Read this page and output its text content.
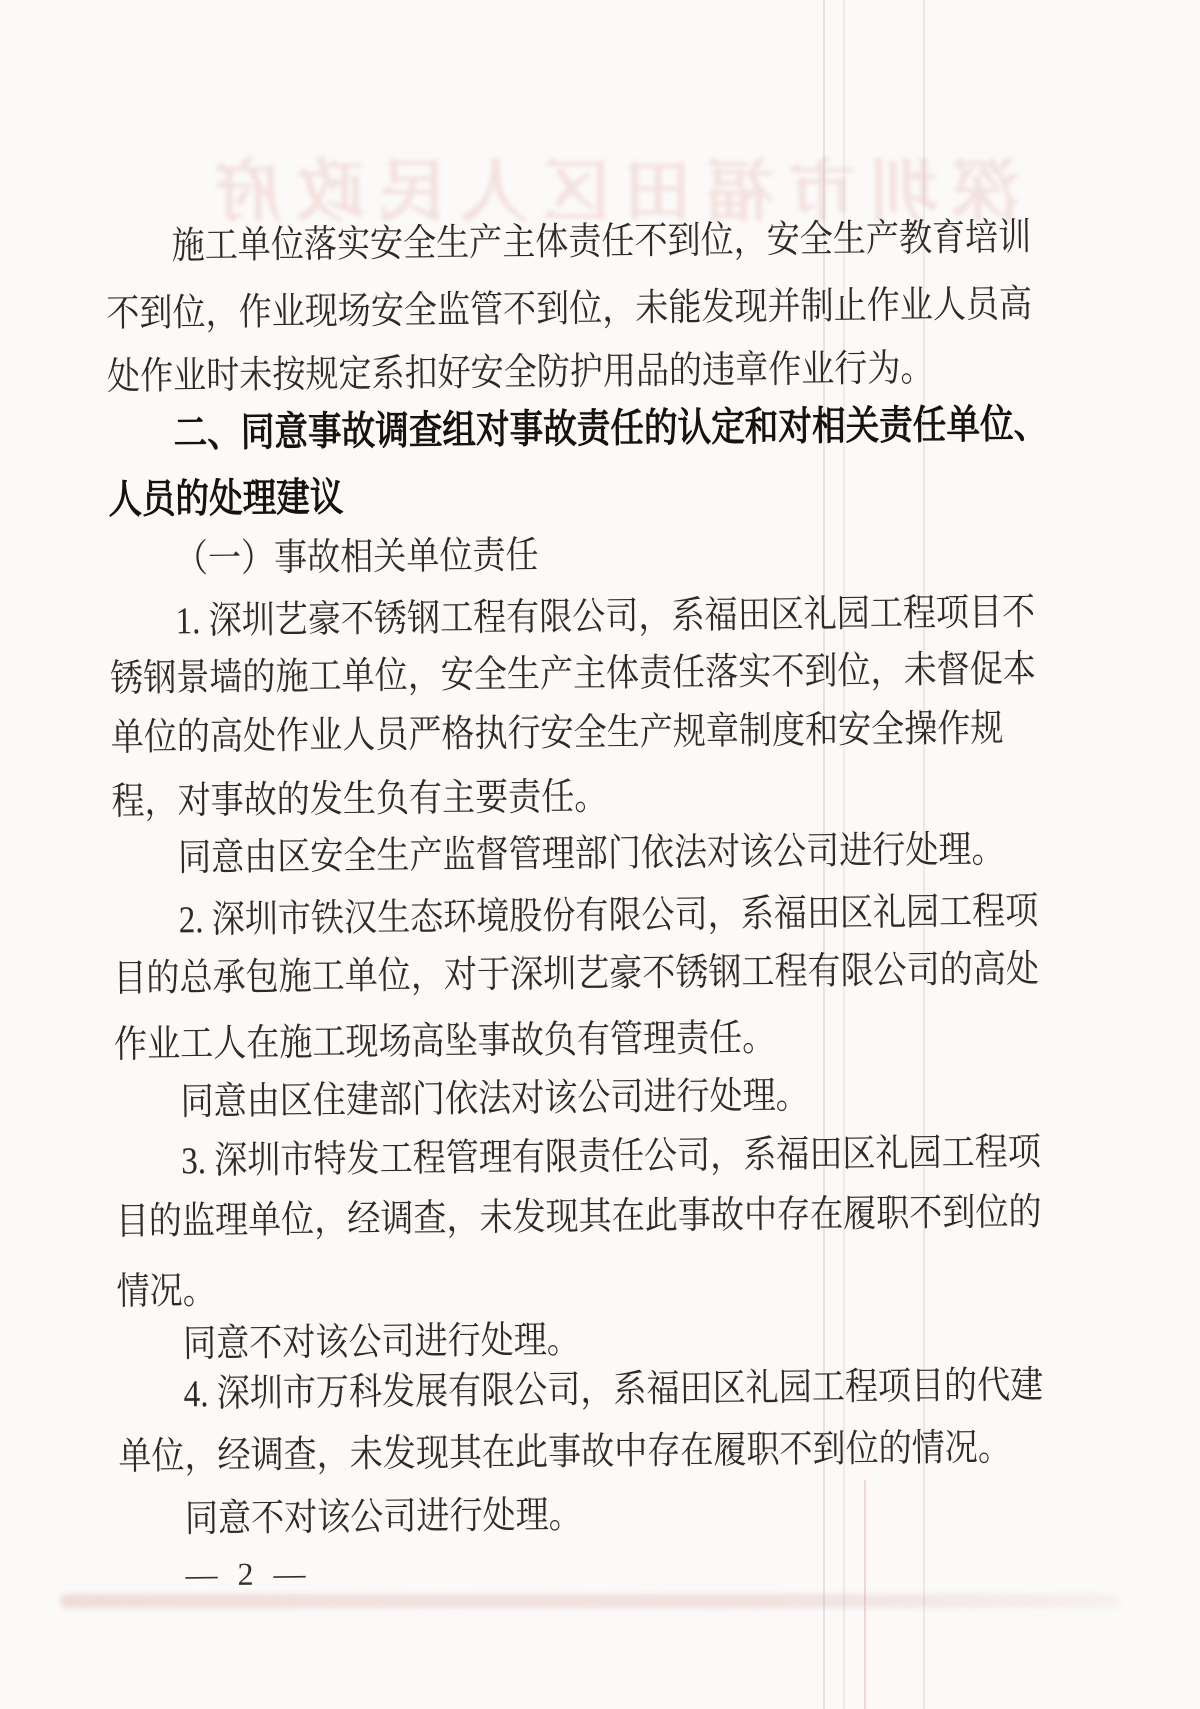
深圳市福田区人民政府
施工单位落实安全生产主体责任不到位，安全生产教育培训
不到位，作业现场安全监管不到位，未能发现并制止作业人员高
处作业时未按规定系扣好安全防护用品的违章作业行为。
二、同意事故调查组对事故责任的认定和对相关责任单位、
人员的处理建议
（一）事故相关单位责任
1. 深圳艺豪不锈钢工程有限公司，系福田区礼园工程项目不
锈钢景墙的施工单位，安全生产主体责任落实不到位，未督促本
单位的高处作业人员严格执行安全生产规章制度和安全操作规
程，对事故的发生负有主要责任。
同意由区安全生产监督管理部门依法对该公司进行处理。
2. 深圳市铁汉生态环境股份有限公司，系福田区礼园工程项
目的总承包施工单位，对于深圳艺豪不锈钢工程有限公司的高处
作业工人在施工现场高坠事故负有管理责任。
同意由区住建部门依法对该公司进行处理。
3. 深圳市特发工程管理有限责任公司，系福田区礼园工程项
目的监理单位，经调查，未发现其在此事故中存在履职不到位的
情况。
同意不对该公司进行处理。
4. 深圳市万科发展有限公司，系福田区礼园工程项目的代建
单位，经调查，未发现其在此事故中存在履职不到位的情况。
同意不对该公司进行处理。
— 2 —
